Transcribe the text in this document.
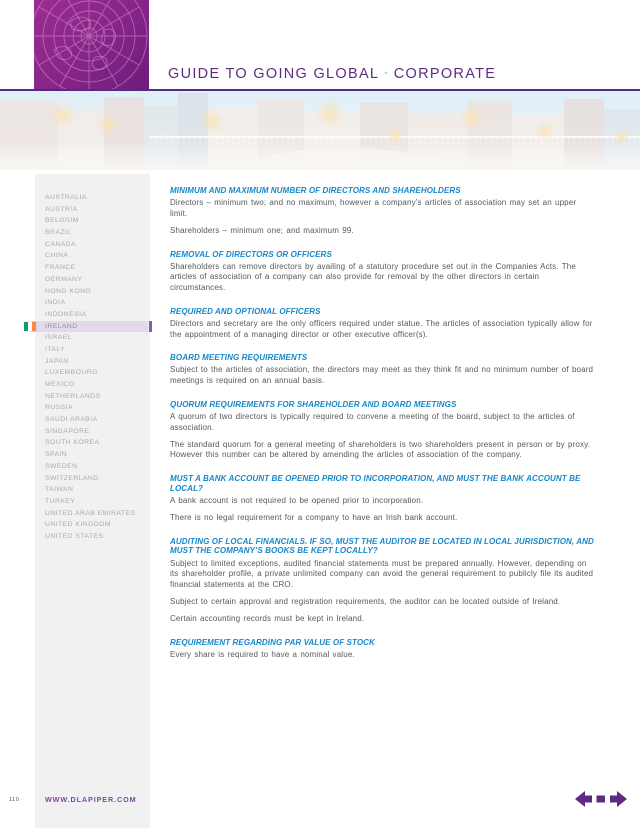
GUIDE TO GOING GLOBAL • CORPORATE
AUSTRALIA
AUSTRIA
BELGIUM
BRAZIL
CANADA
CHINA
FRANCE
GERMANY
HONG KONG
INDIA
INDONESIA
IRELAND
ISRAEL
ITALY
JAPAN
LUXEMBOURG
MEXICO
NETHERLANDS
RUSSIA
SAUDI ARABIA
SINGAPORE
SOUTH KOREA
SPAIN
SWEDEN
SWITZERLAND
TAIWAN
TURKEY
UNITED ARAB EMIRATES
UNITED KINGDOM
UNITED STATES
MINIMUM AND MAXIMUM NUMBER OF DIRECTORS AND SHAREHOLDERS

Directors – minimum two; and no maximum, however a company’s articles of association may set an upper limit.

Shareholders – minimum one; and maximum 99.

REMOVAL OF DIRECTORS OR OFFICERS

Shareholders can remove directors by availing of a statutory procedure set out in the Companies Acts. The articles of association of a company can also provide for removal by the other directors in certain circumstances.

REQUIRED AND OPTIONAL OFFICERS

Directors and secretary are the only officers required under statue. The articles of association typically allow for the appointment of a managing director or other executive officer(s).

BOARD MEETING REQUIREMENTS

Subject to the articles of association, the directors may meet as they think fit and no minimum number of board meetings is required on an annual basis.

QUORUM REQUIREMENTS FOR SHAREHOLDER AND BOARD MEETINGS

A quorum of two directors is typically required to convene a meeting of the board, subject to the articles of association.

The standard quorum for a general meeting of shareholders is two shareholders present in person or by proxy. However this number can be altered by amending the articles of association of the company.

MUST A BANK ACCOUNT BE OPENED PRIOR TO INCORPORATION, AND MUST THE BANK ACCOUNT BE LOCAL?

A bank account is not required to be opened prior to incorporation.

There is no legal requirement for a company to have an Irish bank account.

AUDITING OF LOCAL FINANCIALS. IF SO, MUST THE AUDITOR BE LOCATED IN LOCAL JURISDICTION, AND MUST THE COMPANY’S BOOKS BE KEPT LOCALLY?

Subject to limited exceptions, audited financial statements must be prepared annually. However, depending on its shareholder profile, a private unlimited company can avoid the general requirement to publicly file its audited financial statements at the CRO.

Subject to certain approval and registration requirements, the auditor can be located outside of Ireland.

Certain accounting records must be kept in Ireland.

REQUIREMENT REGARDING PAR VALUE OF STOCK

Every share is required to have a nominal value.

110	WWW.DLAPIPER.COM
